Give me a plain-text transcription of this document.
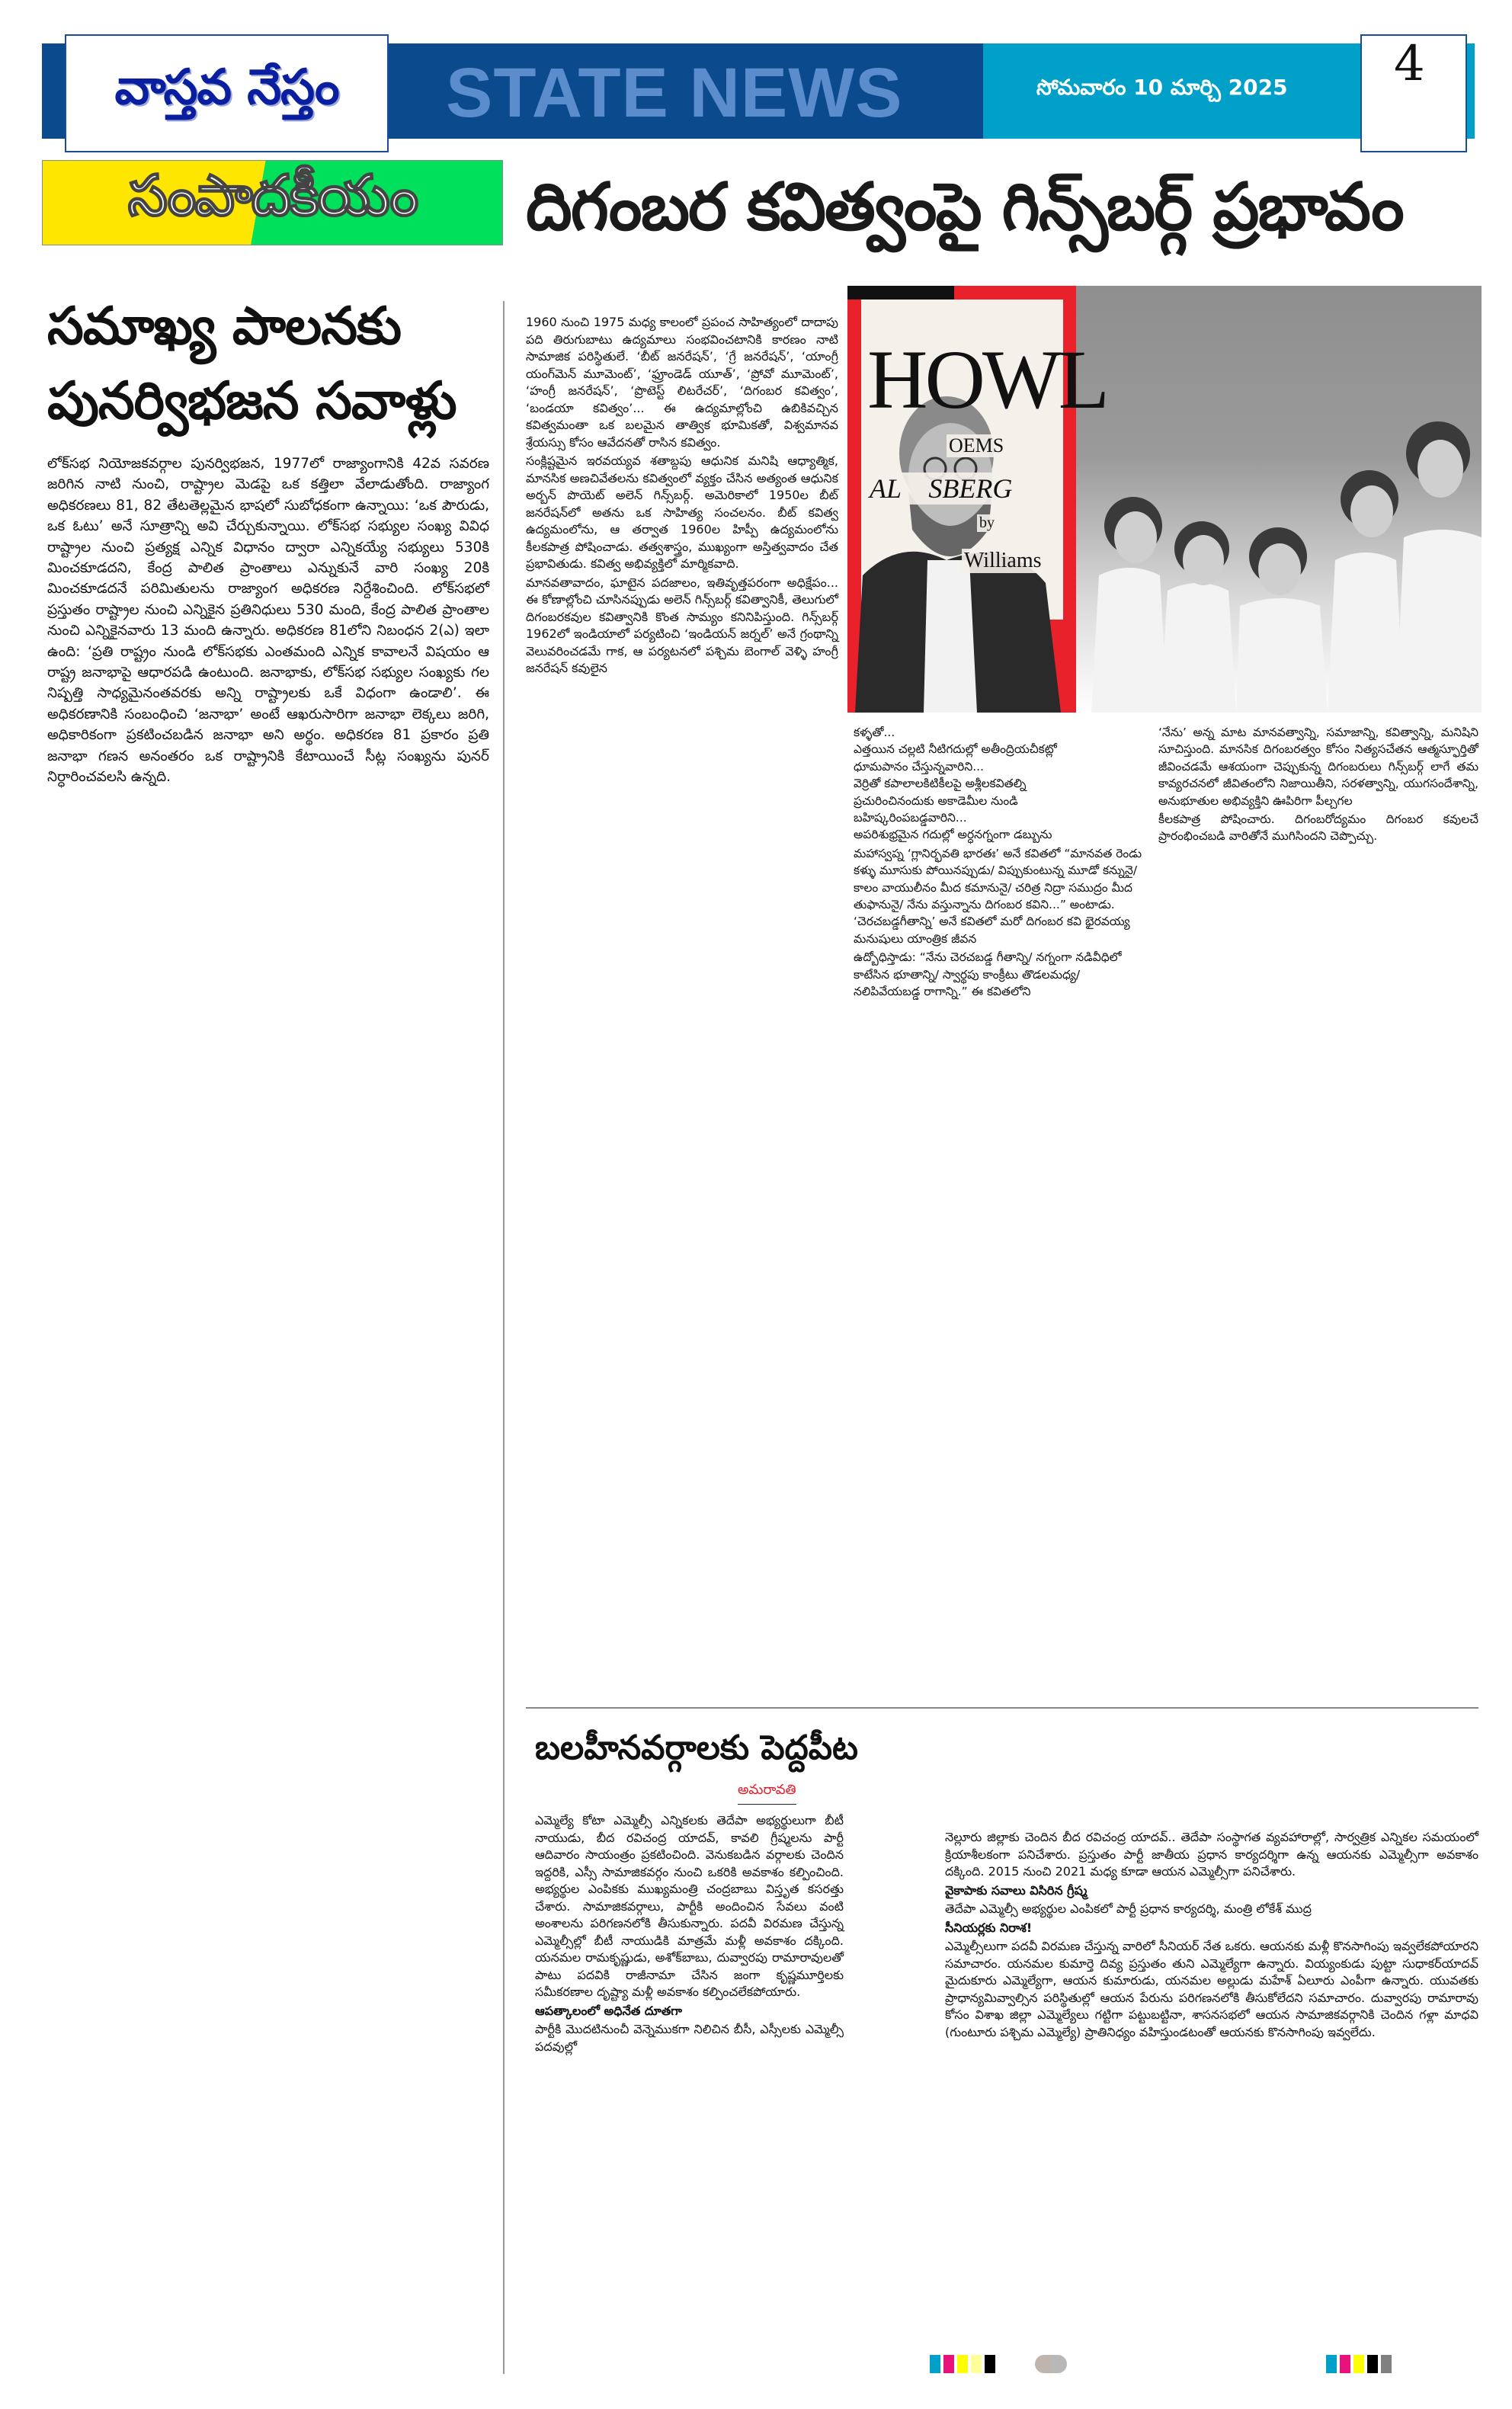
వాస్తవ నేస్తం STATE NEWS	సోమవారం 10 మార్చి 2025 4
సంపాదకీయం దిగంబర కవిత్వంపై గిన్స్‌బర్గ్ ప్రభావం
సమాఖ్య పాలనకు పునర్విభజన సవాళ్లు

లోక్‌సభ నియోజకవర్గాల పునర్విభజన, 1977లో రాజ్యాంగానికి 42వ సవరణ జరిగిన నాటి నుంచి, రాష్ట్రాల మెడపై ఒక కత్తిలా వేలాడుతోంది. రాజ్యాంగ అధికరణలు 81, 82 తేటతెల్లమైన భాషలో సుబోధకంగా ఉన్నాయి: ‘ఒక పౌరుడు, ఒక ఓటు’ అనే సూత్రాన్ని అవి చేర్చుకున్నాయి. లోక్‌సభ సభ్యుల సంఖ్య వివిధ రాష్ట్రాల నుంచి ప్రత్యక్ష ఎన్నిక విధానం ద్వారా ఎన్నికయ్యే సభ్యులు 530కి మించకూడదని, కేంద్ర పాలిత ప్రాంతాలు ఎన్నుకునే వారి సంఖ్య 20కి మించకూడదనే పరిమితులను రాజ్యాంగ అధికరణ నిర్దేశించింది. లోక్‌సభలో ప్రస్తుతం రాష్ట్రాల నుంచి ఎన్నికైన ప్రతినిధులు 530 మంది, కేంద్ర పాలిత ప్రాంతాల నుంచి ఎన్నికైనవారు 13 మంది ఉన్నారు. అధికరణ 81లోని నిబంధన 2(ఎ) ఇలా ఉంది: ‘ప్రతి రాష్ట్రం నుండి లోక్‌సభకు ఎంతమంది ఎన్నిక కావాలనే విషయం ఆ రాష్ట్ర జనాభాపై ఆధారపడి ఉంటుంది. జనాభాకు, లోక్‌సభ సభ్యుల సంఖ్యకు గల నిష్పత్తి సాధ్యమైనంతవరకు అన్ని రాష్ట్రాలకు ఒకే విధంగా ఉండాలి’. ఈ అధికరణానికి సంబంధించి ‘జనాభా’ అంటే ఆఖరుసారిగా జనాభా లెక్కలు జరిగి, అధికారికంగా ప్రకటించబడిన జనాభా అని అర్థం. అధికరణ 81 ప్రకారం ప్రతి జనాభా గణన అనంతరం ఒక రాష్ట్రానికి కేటాయించే సీట్ల సంఖ్యను పునర్ నిర్ధారించవలసి ఉన్నది.

1960 నుంచి 1975 మధ్య కాలంలో ప్రపంచ సాహిత్యంలో దాదాపు పది తిరుగుబాటు ఉద్యమాలు సంభవించటానికి కారణం నాటి సామాజిక పరిస్థితులే. ‘బీట్ జనరేషన్’, ‘గ్రే జనరేషన్’, ‘యాంగ్రీ యంగ్‌మెన్ మూమెంట్’, ‘ఫ్రూండెడ్ యూత్’, ‘ప్రోవో మూమెంట్’, ‘హంగ్రీ జనరేషన్’, ‘ప్రొటెస్ట్ లిటరేచర్’, ‘దిగంబర కవిత్వం’, ‘బండయా కవిత్వం’... ఈ ఉద్యమాల్లోంచి ఉబికివచ్చిన కవిత్వమంతా ఒక బలమైన తాత్విక భూమికతో, విశ్వమానవ శ్రేయస్సు కోసం ఆవేదనతో రాసిన కవిత్వం.

సంక్లిష్టమైన ఇరవయ్యవ శతాబ్దపు ఆధునిక మనిషి ఆధ్యాత్మిక, మానసిక అణచివేతలను కవిత్వంలో వ్యక్తం చేసిన అత్యంత ఆధునిక అర్బన్ పొయెట్ అలెన్ గిన్స్‌బర్గ్. అమెరికాలో 1950ల బీట్ జనరేషన్‌లో అతను ఒక సాహిత్య సంచలనం. బీట్ కవిత్వ ఉద్యమంలోను, ఆ తర్వాత 1960ల హిప్పీ ఉద్యమంలోను కీలకపాత్ర పోషించాడు. తత్వశాస్త్రం, ముఖ్యంగా అస్తిత్వవాదం చేత ప్రభావితుడు. కవిత్వ అభివ్యక్తిలో మార్మికవాది.

మానవతావాదం, ఘాటైన పదజాలం, ఇతివృత్తపరంగా అధిక్షేపం... ఈ కోణాల్లోంచి చూసినప్పుడు అలెన్ గిన్స్‌బర్గ్ కవిత్వానికీ, తెలుగులో దిగంబరకవుల కవిత్వానికి కొంత సామ్యం కనినిపిస్తుంది. గిన్స్‌బర్గ్ 1962లో ఇండియాలో పర్యటించి ‘ఇండియన్ జర్నల్’ అనే గ్రంథాన్ని వెలువరించడమే గాక, ఆ పర్యటనలో పశ్చిమ బెంగాల్ వెళ్ళి హంగ్రీ జనరేషన్ కవులైన

HOWL
OEMS
AL    SBERG
by
Williams

కళ్ళతో...
ఎత్తయిన చల్లటి నీటిగదుల్లో అతీంద్రియచీకట్లో
ధూమపానం చేస్తున్నవారిని...
వెర్రితో కపాలాలకిటికీలపై అశ్లీలకవితల్ని
ప్రచురించినందుకు అకాడెమీల నుండి
బహిష్కరింపబడ్డవారిని...
అపరిశుభ్రమైన గదుల్లో అర్ధనగ్నంగా డబ్బును

మహాస్వప్న ‘గ్లానిర్భవతి భారతః’ అనే కవితలో “మానవత రెండు కళ్ళు మూసుకు పోయినప్పుడు/ విప్పుకుంటున్న మూడో కన్నునై/ కాలం వాయులీనం మీద కమానునై/ చరిత్ర నిద్రా సముద్రం మీద తుఫానునై/ నేను వస్తున్నాను దిగంబర కవిని...” అంటాడు. ‘చెరచబడ్డగీతాన్ని’ అనే కవితలో మరో దిగంబర కవి భైరవయ్య మనుషులు యాంత్రిక జీవన

ఉద్బోధిస్తాడు: “నేను చెరచబడ్డ గీతాన్ని/ నగ్నంగా నడివీధిలో కాటేసిన భూతాన్ని/ స్వార్థపు కాంక్రీటు తొడలమధ్య/ నలిపివేయబడ్డ రాగాన్ని.” ఈ కవితలోని

‘నేను’ అన్న మాట మానవత్వాన్ని, సమాజాన్ని, కవిత్వాన్ని, మనిషిని సూచిస్తుంది. మానసిక దిగంబరత్వం కోసం నిత్యసచేతన ఆత్మస్ఫూర్తితో జీవించడమే ఆశయంగా చెప్పుకున్న దిగంబరులు గిన్స్‌బర్గ్ లాగే తమ కావ్యరచనలో జీవితంలోని నిజాయితీని, సరళత్వాన్ని, యుగసందేశాన్ని, అనుభూతుల అభివ్యక్తిని ఊపిరిగా పీల్చగల

కీలకపాత్ర పోషించారు. దిగంబరోద్యమం దిగంబర కవులచే ప్రారంభించబడి వారితోనే ముగిసిందని చెప్పొచ్చు.

బలహీనవర్గాలకు పెద్దపీట
అమరావతి

ఎమ్మెల్యే కోటా ఎమ్మెల్సీ ఎన్నికలకు తెదేపా అభ్యర్థులుగా బీటీ నాయుడు, బీద రవిచంద్ర యాదవ్, కావలి గ్రీష్మలను పార్టీ ఆదివారం సాయంత్రం ప్రకటించింది. వెనుకబడిన వర్గాలకు చెందిన ఇద్దరికి, ఎస్సీ సామాజికవర్గం నుంచి ఒకరికి అవకాశం కల్పించింది. అభ్యర్థుల ఎంపికకు ముఖ్యమంత్రి చంద్రబాబు విస్తృత కసరత్తు చేశారు. సామాజికవర్గాలు, పార్టీకి అందించిన సేవలు వంటి అంశాలను పరిగణనలోకి తీసుకున్నారు. పదవీ విరమణ చేస్తున్న ఎమ్మెల్సీల్లో బీటీ నాయుడికి మాత్రమే మళ్లీ అవకాశం దక్కింది. యనమల రామకృష్ణుడు, అశోక్‌బాబు, దువ్వారపు రామారావులతో పాటు పదవికి రాజీనామా చేసిన జంగా కృష్ణమూర్తిలకు సమీకరణాల దృష్ట్యా మళ్లీ అవకాశం కల్పించలేకపోయారు.

ఆపత్కాలంలో అధినేత దూతగా

పార్టీకి మొదటినుంచీ వెన్నెముకగా నిలిచిన బీసీ, ఎస్సీలకు ఎమ్మెల్సీ పదవుల్లో

నెల్లూరు జిల్లాకు చెందిన బీద రవిచంద్ర యాదవ్.. తెదేపా సంస్థాగత వ్యవహారాల్లో, సార్వత్రిక ఎన్నికల సమయంలో క్రియాశీలకంగా పనిచేశారు. ప్రస్తుతం పార్టీ జాతీయ ప్రధాన కార్యదర్శిగా ఉన్న ఆయనకు ఎమ్మెల్సీగా అవకాశం దక్కింది. 2015 నుంచి 2021 మధ్య కూడా ఆయన ఎమ్మెల్సీగా పనిచేశారు.

వైకాపాకు సవాలు విసిరిన గ్రీష్మ

తెదేపా ఎమ్మెల్సీ అభ్యర్థుల ఎంపికలో పార్టీ ప్రధాన కార్యదర్శి, మంత్రి లోకేశ్ ముద్ర

సీనియర్లకు నిరాశ!

ఎమ్మెల్సీలుగా పదవీ విరమణ చేస్తున్న వారిలో సీనియర్ నేత ఒకరు. ఆయనకు మళ్లీ కొనసాగింపు ఇవ్వలేకపోయారని సమాచారం. యనమల కుమార్తె దివ్య ప్రస్తుతం తుని ఎమ్మెల్యేగా ఉన్నారు. వియ్యంకుడు పుట్టా సుధాకర్‌యాదవ్ మైదుకూరు ఎమ్మెల్యేగా, ఆయన కుమారుడు, యనమల అల్లుడు మహేశ్ ఏలూరు ఎంపీగా ఉన్నారు. యువతకు ప్రాధాన్యమివ్వాల్సిన పరిస్థితుల్లో ఆయన పేరును పరిగణనలోకి తీసుకోలేదని సమాచారం. దువ్వారపు రామారావు కోసం విశాఖ జిల్లా ఎమ్మెల్యేలు గట్టిగా పట్టుబట్టినా, శాసనసభలో ఆయన సామాజికవర్గానికి చెందిన గళ్లా మాధవి (గుంటూరు పశ్చిమ ఎమ్మెల్యే) ప్రాతినిధ్యం వహిస్తుండటంతో ఆయనకు కొనసాగింపు ఇవ్వలేదు.
